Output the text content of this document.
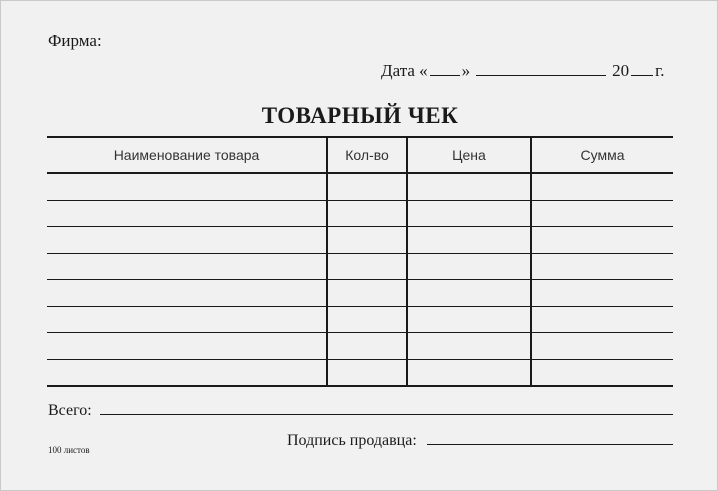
Фирма:
Дата
« »	20 г.
ТОВАРНЫЙ ЧЕК
Наименование товара	Кол-во	Цена	Сумма

Всего:
100 листов
Подпись продавца:
